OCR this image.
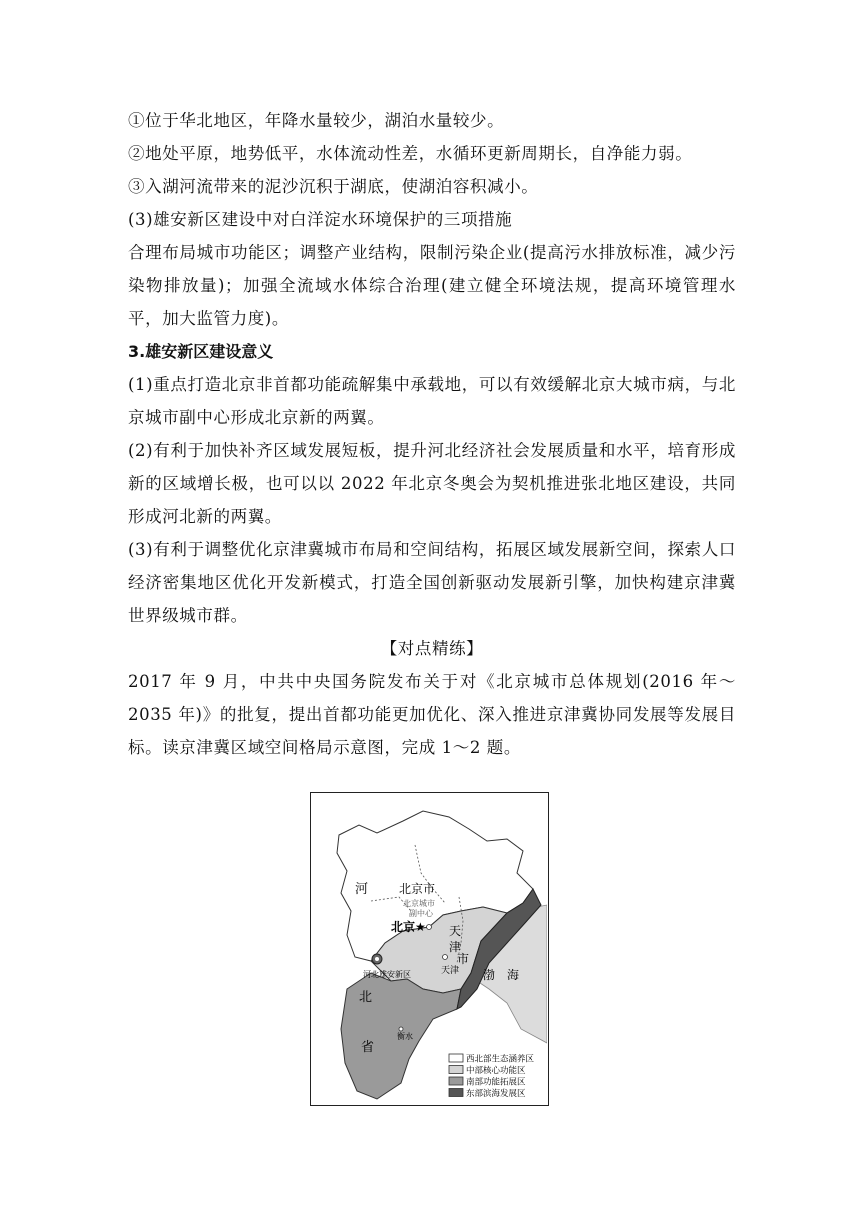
①位于华北地区，年降水量较少，湖泊水量较少。

②地处平原，地势低平，水体流动性差，水循环更新周期长，自净能力弱。

③入湖河流带来的泥沙沉积于湖底，使湖泊容积减小。

(3)雄安新区建设中对白洋淀水环境保护的三项措施

合理布局城市功能区；调整产业结构，限制污染企业(提高污水排放标准，减少污染物排放量)；加强全流域水体综合治理(建立健全环境法规，提高环境管理水平，加大监管力度)。

3.雄安新区建设意义

(1)重点打造北京非首都功能疏解集中承载地，可以有效缓解北京大城市病，与北京城市副中心形成北京新的两翼。

(2)有利于加快补齐区域发展短板，提升河北经济社会发展质量和水平，培育形成新的区域增长极，也可以以 2022 年北京冬奥会为契机推进张北地区建设，共同形成河北新的两翼。

(3)有利于调整优化京津冀城市布局和空间结构，拓展区域发展新空间，探索人口经济密集地区优化开发新模式，打造全国创新驱动发展新引擎，加快构建京津冀世界级城市群。

【对点精练】

2017 年 9 月，中共中央国务院发布关于对《北京城市总体规划(2016 年～2035 年)》的批复，提出首都功能更加优化、深入推进京津冀协同发展等发展目标。读京津冀区域空间格局示意图，完成 1～2 题。

河	北京市
北京城市
副中心
北京★ 天
津
市
天津
河北雄安新区
北
渤 海
衡水
省
西北部生态涵养区
中部核心功能区
南部功能拓展区
东部滨海发展区
